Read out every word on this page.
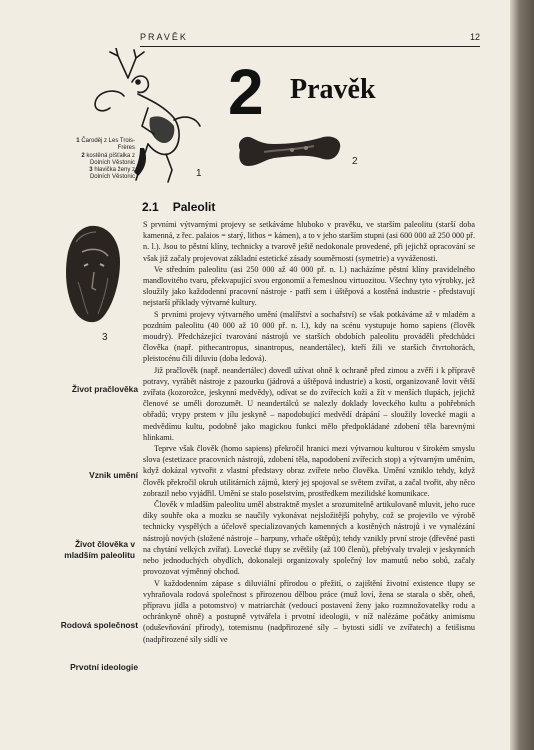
PRAVĚK	12
1
2 Pravěk
2
1 Čaroděj z Les Trois-Frères
2 kostěná píšťalka z Dolních Věstonic
3 hlavička ženy z Dolních Věstonic
2.1 Paleolit
3
Život pračlověka
Vznik umění
Život člověka v mladším paleolitu
Rodová společnost
Prvotní ideologie

S prvními výtvarnými projevy se setkáváme hluboko v pravěku, ve starším paleolitu (starší doba kamenná, z řec. palaios = starý, lithos = kámen), a to v jeho starším stupni (asi 600 000 až 250 000 př. n. l.). Jsou to pěstní klíny, technicky a tvarově ještě nedokonale provedené, při jejichž opracování se však již začaly projevovat základní estetické zásady souměrnosti (symetrie) a vyváženosti.

Ve středním paleolitu (asi 250 000 až 40 000 př. n. l.) nacházíme pěstní klíny pravidelného mandlovitého tvaru, překvapující svou ergonomií a řemeslnou virtuozitou. Všechny tyto výrobky, jež sloužily jako každodenní pracovní nástroje - patří sem i úštěpová a kostěná industrie - představují nejstarší příklady výtvarné kultury.

S prvními projevy výtvarného umění (malířství a sochařství) se však potkáváme až v mladém a pozdním paleolitu (40 000 až 10 000 př. n. l.), kdy na scénu vystupuje homo sapiens (člověk moudrý). Předcházející tvarování nástrojů ve starších obdobích paleolitu prováděli předchůdci člověka (např. pithecantropus, sinantropus, neandertálec), kteří žili ve starších čtvrtohorách, pleistocénu čili diluviu (doba ledová).

Již pračlověk (např. neandertálec) dovedl užívat ohně k ochraně před zimou a zvěří i k přípravě potravy, vyrábět nástroje z pazourku (jádrová a úštěpová industrie) a kostí, organizovaně lovit větší zvířata (kozorožce, jeskynní medvědy), odívat se do zvířecích koží a žít v menších tlupách, jejichž členové se uměli dorozumět. U neandertálců se nalezly doklady loveckého kultu a pohřebních obřadů; vrypy prstem v jílu jeskyně – napodobující medvědí drápání – sloužily lovecké magii a medvědímu kultu, podobně jako magickou funkci mělo předpokládané zdobení těla barevnými hlinkami.

Teprve však člověk (homo sapiens) překročil hranici mezi výtvarnou kulturou v širokém smyslu slova (estetizace pracovních nástrojů, zdobení těla, napodobení zvířecích stop) a výtvarným uměním, když dokázal vytvořit z vlastní představy obraz zvířete nebo člověka. Umění vzniklo tehdy, když člověk překročil okruh utilitárních zájmů, který jej spojoval se světem zvířat, a začal tvořit, aby něco zobrazil nebo vyjádřil. Umění se stalo poselstvím, prostředkem mezilidské komunikace.

Člověk v mladším paleolitu uměl abstraktně myslet a srozumitelně artikulovaně mluvit, jeho ruce díky souhře oka a mozku se naučily vykonávat nejsložitější pohyby, což se projevilo ve výrobě technicky vyspělých a účelově specializovaných kamenných a kostěných nástrojů i ve vynalézání nástrojů nových (složené nástroje – harpuny, vrhače oštěpů); tehdy vznikly první stroje (dřevěné pasti na chytání velkých zvířat). Lovecké tlupy se zvětšily (až 100 členů), přebývaly trvaleji v jeskynních nebo jednoduchých obydlích, dokonaleji organizovaly společný lov mamutů nebo sobů, začaly provozovat výměnný obchod.

V každodenním zápase s diluviální přírodou o přežití, o zajištění životní existence tlupy se vyhraňovala rodová společnost s přirozenou dělbou práce (muž loví, žena se starala o sběr, oheň, přípravu jídla a potomstvo) v matriarchát (vedoucí postavení ženy jako rozmnožovatelky rodu a ochránkyně ohně) a postupně vytvářela i prvotní ideologii, v níž nalézáme počátky animismu (oduševňování přírody), totemismu (nadpřirozené síly – bytosti sídlí ve zvířatech) a fetišismu (nadpřirozené síly sídlí ve
